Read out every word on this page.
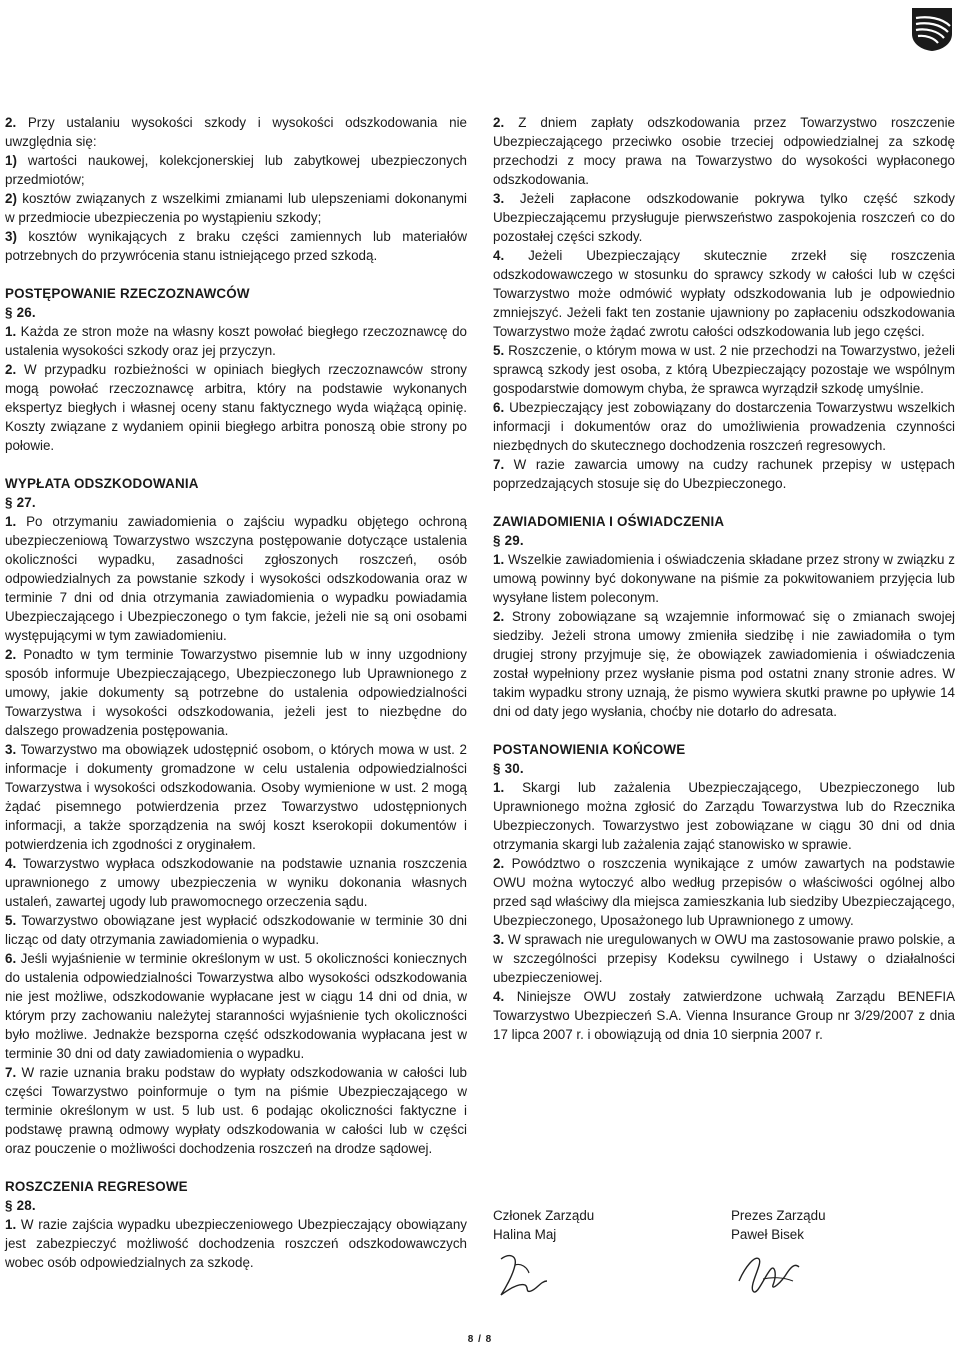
2. Przy ustalaniu wysokości szkody i wysokości odszkodowania nie uwzględnia się:

1) wartości naukowej, kolekcjonerskiej lub zabytkowej ubezpieczonych przedmiotów;

2) kosztów związanych z wszelkimi zmianami lub ulepszeniami dokonanymi w przedmiocie ubezpieczenia po wystąpieniu szkody;

3) kosztów wynikających z braku części zamiennych lub materiałów potrzebnych do przywrócenia stanu istniejącego przed szkodą.

POSTĘPOWANIE RZECZOZNAWCÓW

§ 26.

1. Każda ze stron może na własny koszt powołać biegłego rzeczoznawcę do ustalenia wysokości szkody oraz jej przyczyn.

2. W przypadku rozbieżności w opiniach biegłych rzeczoznawców strony mogą powołać rzeczoznawcę arbitra, który na podstawie wykonanych ekspertyz biegłych i własnej oceny stanu faktycznego wyda wiążącą opinię. Koszty związane z wydaniem opinii biegłego arbitra ponoszą obie strony po połowie.

WYPŁATA ODSZKODOWANIA

§ 27.

1. Po otrzymaniu zawiadomienia o zajściu wypadku objętego ochroną ubezpieczeniową Towarzystwo wszczyna postępowanie dotyczące ustalenia okoliczności wypadku, zasadności zgłoszonych roszczeń, osób odpowiedzialnych za powstanie szkody i wysokości odszkodowania oraz w terminie 7 dni od dnia otrzymania zawiadomienia o wypadku powiadamia Ubezpieczającego i Ubezpieczonego o tym fakcie, jeżeli nie są oni osobami występującymi w tym zawiadomieniu.

2. Ponadto w tym terminie Towarzystwo pisemnie lub w inny uzgodniony sposób informuje Ubezpieczającego, Ubezpieczonego lub Uprawnionego z umowy, jakie dokumenty są potrzebne do ustalenia odpowiedzialności Towarzystwa i wysokości odszkodowania, jeżeli jest to niezbędne do dalszego prowadzenia postępowania.

3. Towarzystwo ma obowiązek udostępnić osobom, o których mowa w ust. 2 informacje i dokumenty gromadzone w celu ustalenia odpowiedzialności Towarzystwa i wysokości odszkodowania. Osoby wymienione w ust. 2 mogą żądać pisemnego potwierdzenia przez Towarzystwo udostępnionych informacji, a także sporządzenia na swój koszt kserokopii dokumentów i potwierdzenia ich zgodności z oryginałem.

4. Towarzystwo wypłaca odszkodowanie na podstawie uznania roszczenia uprawnionego z umowy ubezpieczenia w wyniku dokonania własnych ustaleń, zawartej ugody lub prawomocnego orzeczenia sądu.

5. Towarzystwo obowiązane jest wypłacić odszkodowanie w terminie 30 dni licząc od daty otrzymania zawiadomienia o wypadku.

6. Jeśli wyjaśnienie w terminie określonym w ust. 5 okoliczności koniecznych do ustalenia odpowiedzialności Towarzystwa albo wysokości odszkodowania nie jest możliwe, odszkodowanie wypłacane jest w ciągu 14 dni od dnia, w którym przy zachowaniu należytej staranności wyjaśnienie tych okoliczności było możliwe. Jednakże bezsporna część odszkodowania wypłacana jest w terminie 30 dni od daty zawiadomienia o wypadku.

7. W razie uznania braku podstaw do wypłaty odszkodowania w całości lub części Towarzystwo poinformuje o tym na piśmie Ubezpieczającego w terminie określonym w ust. 5 lub ust. 6 podając okoliczności faktyczne i podstawę prawną odmowy wypłaty odszkodowania w całości lub w części oraz pouczenie o możliwości dochodzenia roszczeń na drodze sądowej.

ROSZCZENIA REGRESOWE

§ 28.

1. W razie zajścia wypadku ubezpieczeniowego Ubezpieczający obowiązany jest zabezpieczyć możliwość dochodzenia roszczeń odszkodowawczych wobec osób odpowiedzialnych za szkodę.

2. Z dniem zapłaty odszkodowania przez Towarzystwo roszczenie Ubezpieczającego przeciwko osobie trzeciej odpowiedzialnej za szkodę przechodzi z mocy prawa na Towarzystwo do wysokości wypłaconego odszkodowania.

3. Jeżeli zapłacone odszkodowanie pokrywa tylko część szkody Ubezpieczającemu przysługuje pierwszeństwo zaspokojenia roszczeń co do pozostałej części szkody.

4. Jeżeli Ubezpieczający skutecznie zrzekł się roszczenia odszkodowawczego w stosunku do sprawcy szkody w całości lub w części Towarzystwo może odmówić wypłaty odszkodowania lub je odpowiednio zmniejszyć. Jeżeli fakt ten zostanie ujawniony po zapłaceniu odszkodowania Towarzystwo może żądać zwrotu całości odszkodowania lub jego części.

5. Roszczenie, o którym mowa w ust. 2 nie przechodzi na Towarzystwo, jeżeli sprawcą szkody jest osoba, z którą Ubezpieczający pozostaje we wspólnym gospodarstwie domowym chyba, że sprawca wyrządził szkodę umyślnie.

6. Ubezpieczający jest zobowiązany do dostarczenia Towarzystwu wszelkich informacji i dokumentów oraz do umożliwienia prowadzenia czynności niezbędnych do skutecznego dochodzenia roszczeń regresowych.

7. W razie zawarcia umowy na cudzy rachunek przepisy w ustępach poprzedzających stosuje się do Ubezpieczonego.

ZAWIADOMIENIA I OŚWIADCZENIA

§ 29.

1. Wszelkie zawiadomienia i oświadczenia składane przez strony w związku z umową powinny być dokonywane na piśmie za pokwitowaniem przyjęcia lub wysyłane listem poleconym.

2. Strony zobowiązane są wzajemnie informować się o zmianach swojej siedziby. Jeżeli strona umowy zmieniła siedzibę i nie zawiadomiła o tym drugiej strony przyjmuje się, że obowiązek zawiadomienia i oświadczenia został wypełniony przez wysłanie pisma pod ostatni znany stronie adres. W takim wypadku strony uznają, że pismo wywiera skutki prawne po upływie 14 dni od daty jego wysłania, choćby nie dotarło do adresata.

POSTANOWIENIA KOŃCOWE

§ 30.

1. Skargi lub zażalenia Ubezpieczającego, Ubezpieczonego lub Uprawnionego można zgłosić do Zarządu Towarzystwa lub do Rzecznika Ubezpieczonych. Towarzystwo jest zobowiązane w ciągu 30 dni od dnia otrzymania skargi lub zażalenia zająć stanowisko w sprawie.

2. Powództwo o roszczenia wynikające z umów zawartych na podstawie OWU można wytoczyć albo według przepisów o właściwości ogólnej albo przed sąd właściwy dla miejsca zamieszkania lub siedziby Ubezpieczającego, Ubezpieczonego, Uposażonego lub Uprawnionego z umowy.

3. W sprawach nie uregulowanych w OWU ma zastosowanie prawo polskie, a w szczególności przepisy Kodeksu cywilnego i Ustawy o działalności ubezpieczeniowej.

4. Niniejsze OWU zostały zatwierdzone uchwałą Zarządu BENEFIA Towarzystwo Ubezpieczeń S.A. Vienna Insurance Group nr 3/29/2007 z dnia 17 lipca 2007 r. i obowiązują od dnia 10 sierpnia 2007 r.

Członek Zarządu
Halina Maj
Prezes Zarządu
Paweł Bisek
8 / 8
